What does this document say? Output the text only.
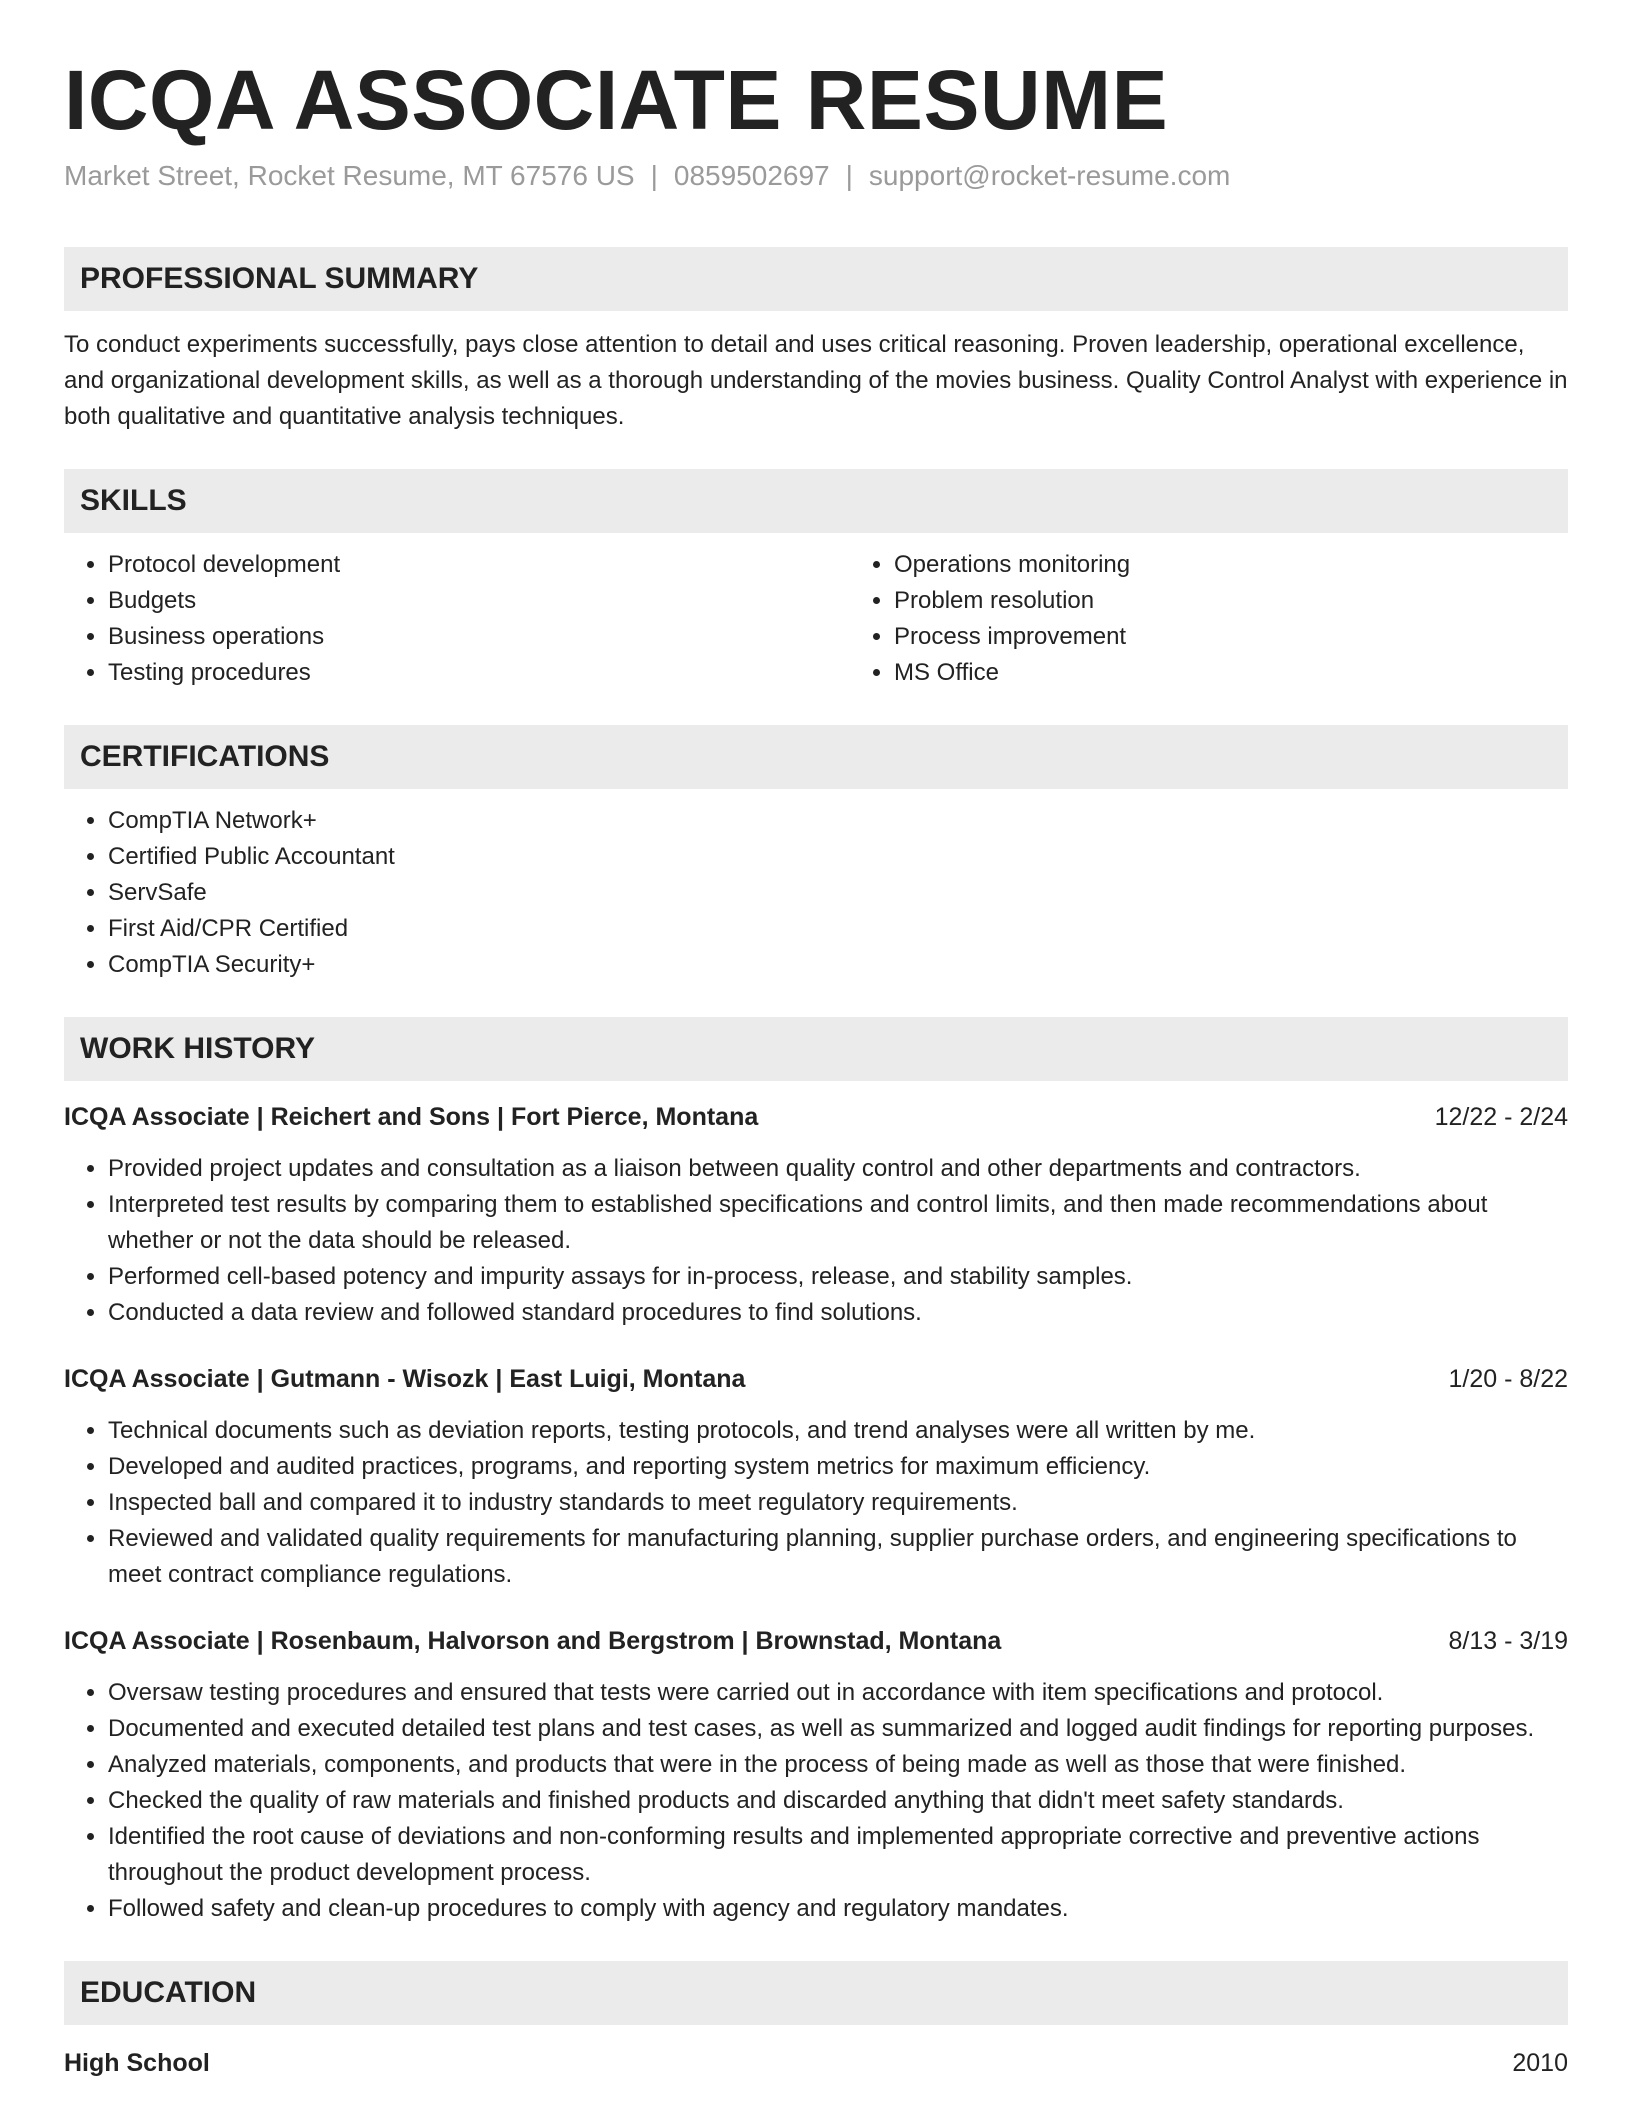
ICQA ASSOCIATE RESUME
Market Street, Rocket Resume, MT 67576 US | 0859502697 | support@rocket-resume.com
PROFESSIONAL SUMMARY
To conduct experiments successfully, pays close attention to detail and uses critical reasoning. Proven leadership, operational excellence, and organizational development skills, as well as a thorough understanding of the movies business. Quality Control Analyst with experience in both qualitative and quantitative analysis techniques.
SKILLS
• Protocol development
• Budgets
• Business operations
• Testing procedures
• Operations monitoring
• Problem resolution
• Process improvement
• MS Office
CERTIFICATIONS
• CompTIA Network+
• Certified Public Accountant
• ServSafe
• First Aid/CPR Certified
• CompTIA Security+
WORK HISTORY
ICQA Associate | Reichert and Sons | Fort Pierce, Montana	12/22 - 2/24
• Provided project updates and consultation as a liaison between quality control and other departments and contractors.
• Interpreted test results by comparing them to established specifications and control limits, and then made recommendations about whether or not the data should be released.
• Performed cell-based potency and impurity assays for in-process, release, and stability samples.
• Conducted a data review and followed standard procedures to find solutions.
ICQA Associate | Gutmann - Wisozk | East Luigi, Montana	1/20 - 8/22
• Technical documents such as deviation reports, testing protocols, and trend analyses were all written by me.
• Developed and audited practices, programs, and reporting system metrics for maximum efficiency.
• Inspected ball and compared it to industry standards to meet regulatory requirements.
• Reviewed and validated quality requirements for manufacturing planning, supplier purchase orders, and engineering specifications to meet contract compliance regulations.
ICQA Associate | Rosenbaum, Halvorson and Bergstrom | Brownstad, Montana	8/13 - 3/19
• Oversaw testing procedures and ensured that tests were carried out in accordance with item specifications and protocol.
• Documented and executed detailed test plans and test cases, as well as summarized and logged audit findings for reporting purposes.
• Analyzed materials, components, and products that were in the process of being made as well as those that were finished.
• Checked the quality of raw materials and finished products and discarded anything that didn't meet safety standards.
• Identified the root cause of deviations and non-conforming results and implemented appropriate corrective and preventive actions throughout the product development process.
• Followed safety and clean-up procedures to comply with agency and regulatory mandates.
EDUCATION
High School	2010
